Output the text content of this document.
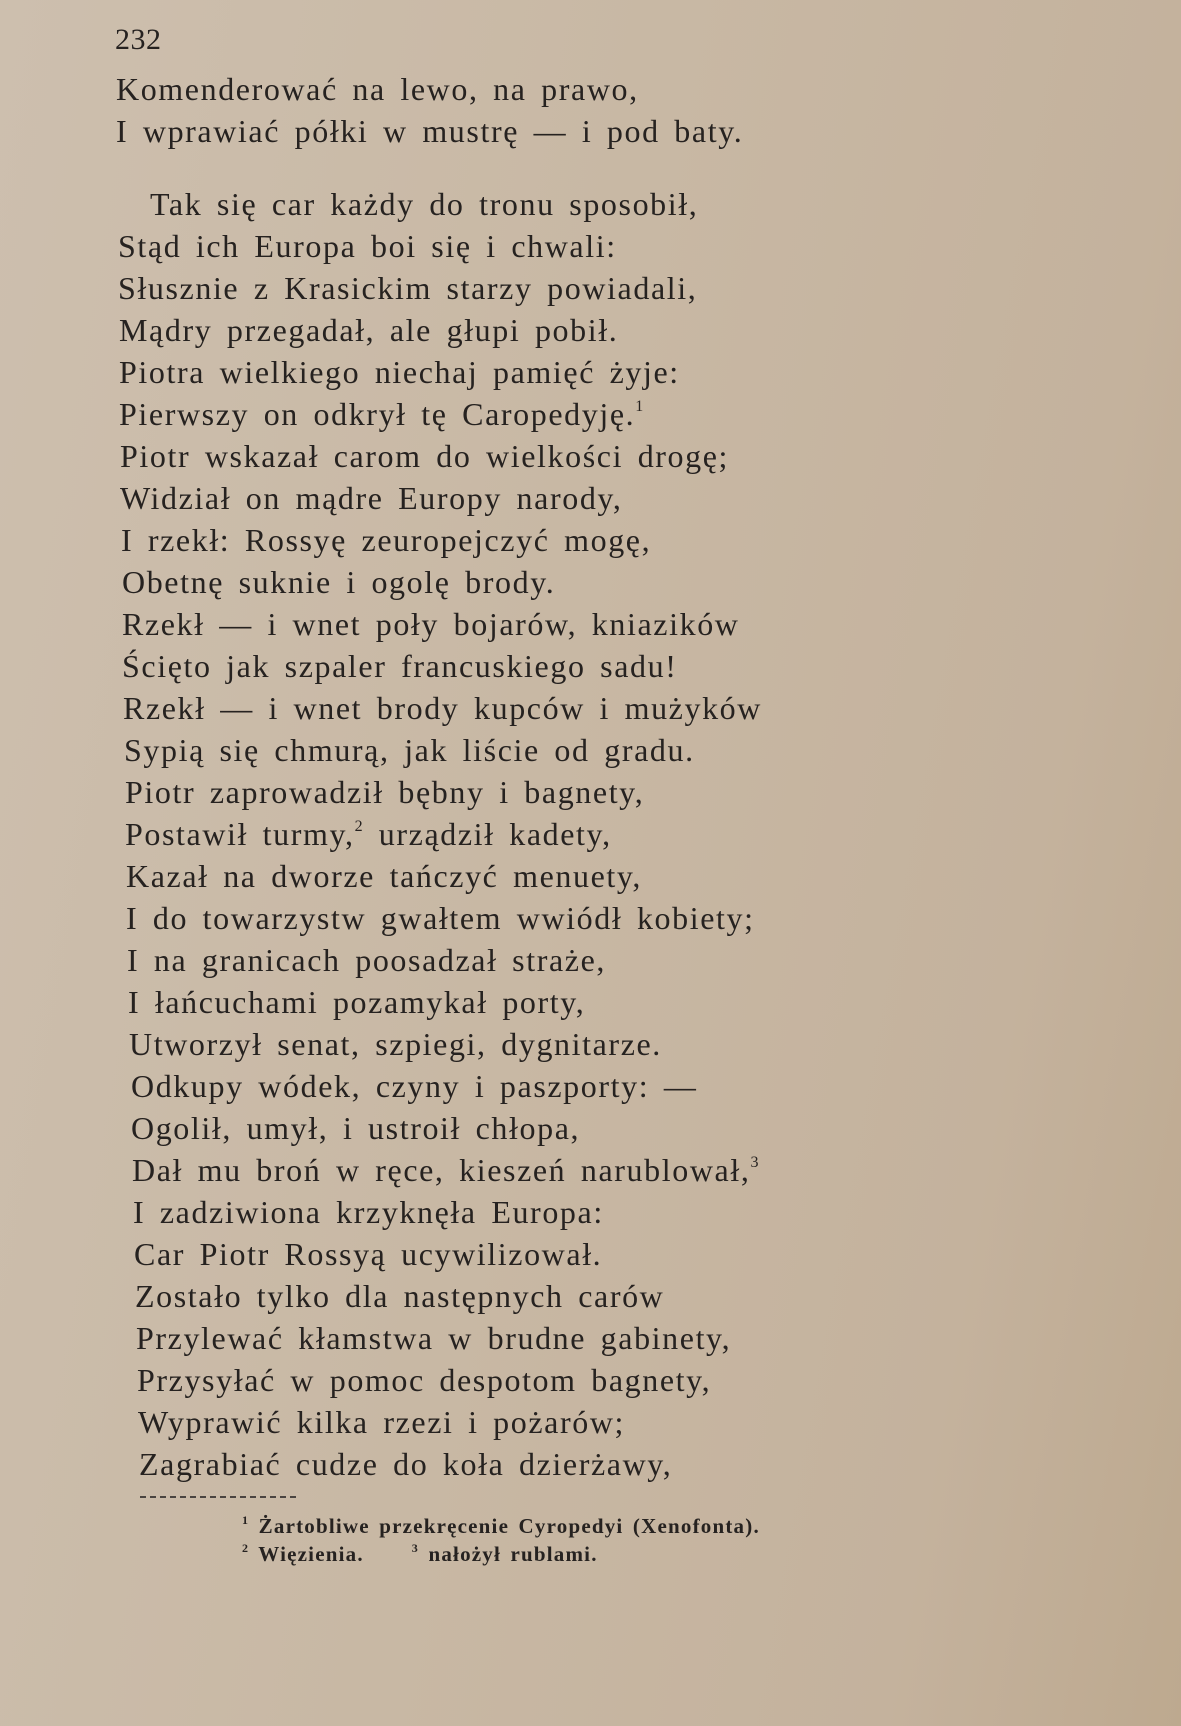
232
Komenderować na lewo, na prawo,
I wprawiać półki w mustrę — i pod baty.
Tak się car każdy do tronu sposobił,
Stąd ich Europa boi się i chwali:
Słusznie z Krasickim starzy powiadali,
Mądry przegadał, ale głupi pobił.
Piotra wielkiego niechaj pamięć żyje:
Pierwszy on odkrył tę Caropedyję.$^1$
Piotr wskazał carom do wielkości drogę;
Widział on mądre Europy narody,
I rzekł: Rossyę zeuropejczyć mogę,
Obetnę suknie i ogolę brody.
Rzekł — i wnet poły bojarów, kniazików
Ścięto jak szpaler francuskiego sadu!
Rzekł — i wnet brody kupców i mużyków
Sypią się chmurą, jak liście od gradu.
Piotr zaprowadził bębny i bagnety,
Postawił turmy,$^2$ urządził kadety,
Kazał na dworze tańczyć menuety,
I do towarzystw gwałtem wwiódł kobiety;
I na granicach poosadzał straże,
I łańcuchami pozamykał porty,
Utworzył senat, szpiegi, dygnitarze.
Odkupy wódek, czyny i paszporty: —
Ogolił, umył, i ustroił chłopa,
Dał mu broń w ręce, kieszeń narublował,$^3$
I zadziwiona krzyknęła Europa:
Car Piotr Rossyą ucywilizował.
Zostało tylko dla następnych carów
Przylewać kłamstwa w brudne gabinety,
Przysyłać w pomoc despotom bagnety,
Wyprawić kilka rzezi i pożarów;
Zagrabiać cudze do koła dzierżawy,
$^1$ Żartobliwe przekręcenie Cyropedyi (Xenofonta).
$^2$ Więzienia.	$^3$ nałożył rublami.
